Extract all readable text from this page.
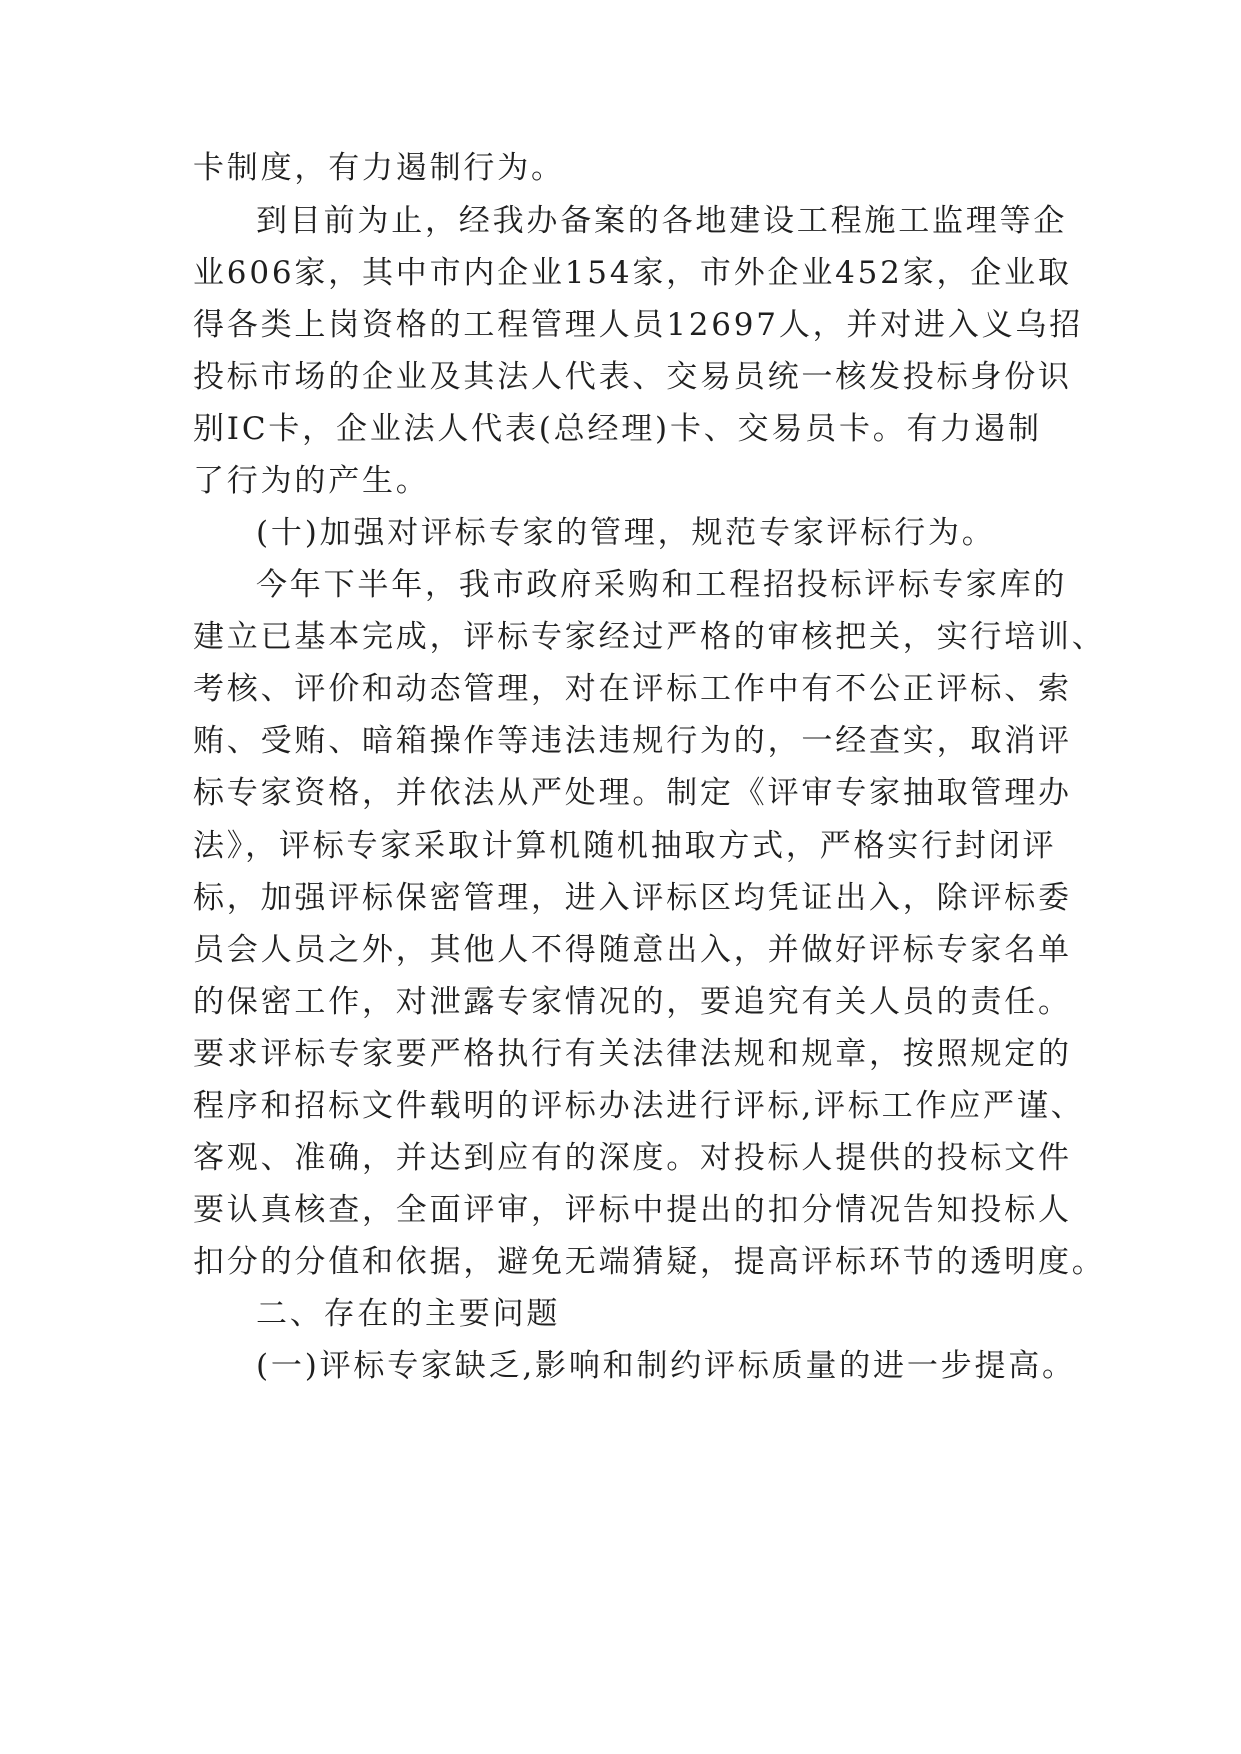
卡制度，有力遏制行为。
到目前为止，经我办备案的各地建设工程施工监理等企
业606家，其中市内企业154家，市外企业452家，企业取
得各类上岗资格的工程管理人员12697人，并对进入义乌招
投标市场的企业及其法人代表、交易员统一核发投标身份识
别IC卡，企业法人代表(总经理)卡、交易员卡。有力遏制
了行为的产生。
(十)加强对评标专家的管理，规范专家评标行为。
今年下半年，我市政府采购和工程招投标评标专家库的
建立已基本完成，评标专家经过严格的审核把关，实行培训、
考核、评价和动态管理，对在评标工作中有不公正评标、索
贿、受贿、暗箱操作等违法违规行为的，一经查实，取消评
标专家资格，并依法从严处理。制定《评审专家抽取管理办
法》，评标专家采取计算机随机抽取方式，严格实行封闭评
标，加强评标保密管理，进入评标区均凭证出入，除评标委
员会人员之外，其他人不得随意出入，并做好评标专家名单
的保密工作，对泄露专家情况的，要追究有关人员的责任。
要求评标专家要严格执行有关法律法规和规章，按照规定的
程序和招标文件载明的评标办法进行评标,评标工作应严谨、
客观、准确，并达到应有的深度。对投标人提供的投标文件
要认真核查，全面评审，评标中提出的扣分情况告知投标人
扣分的分值和依据，避免无端猜疑，提高评标环节的透明度。
二、存在的主要问题
(一)评标专家缺乏,影响和制约评标质量的进一步提高。
